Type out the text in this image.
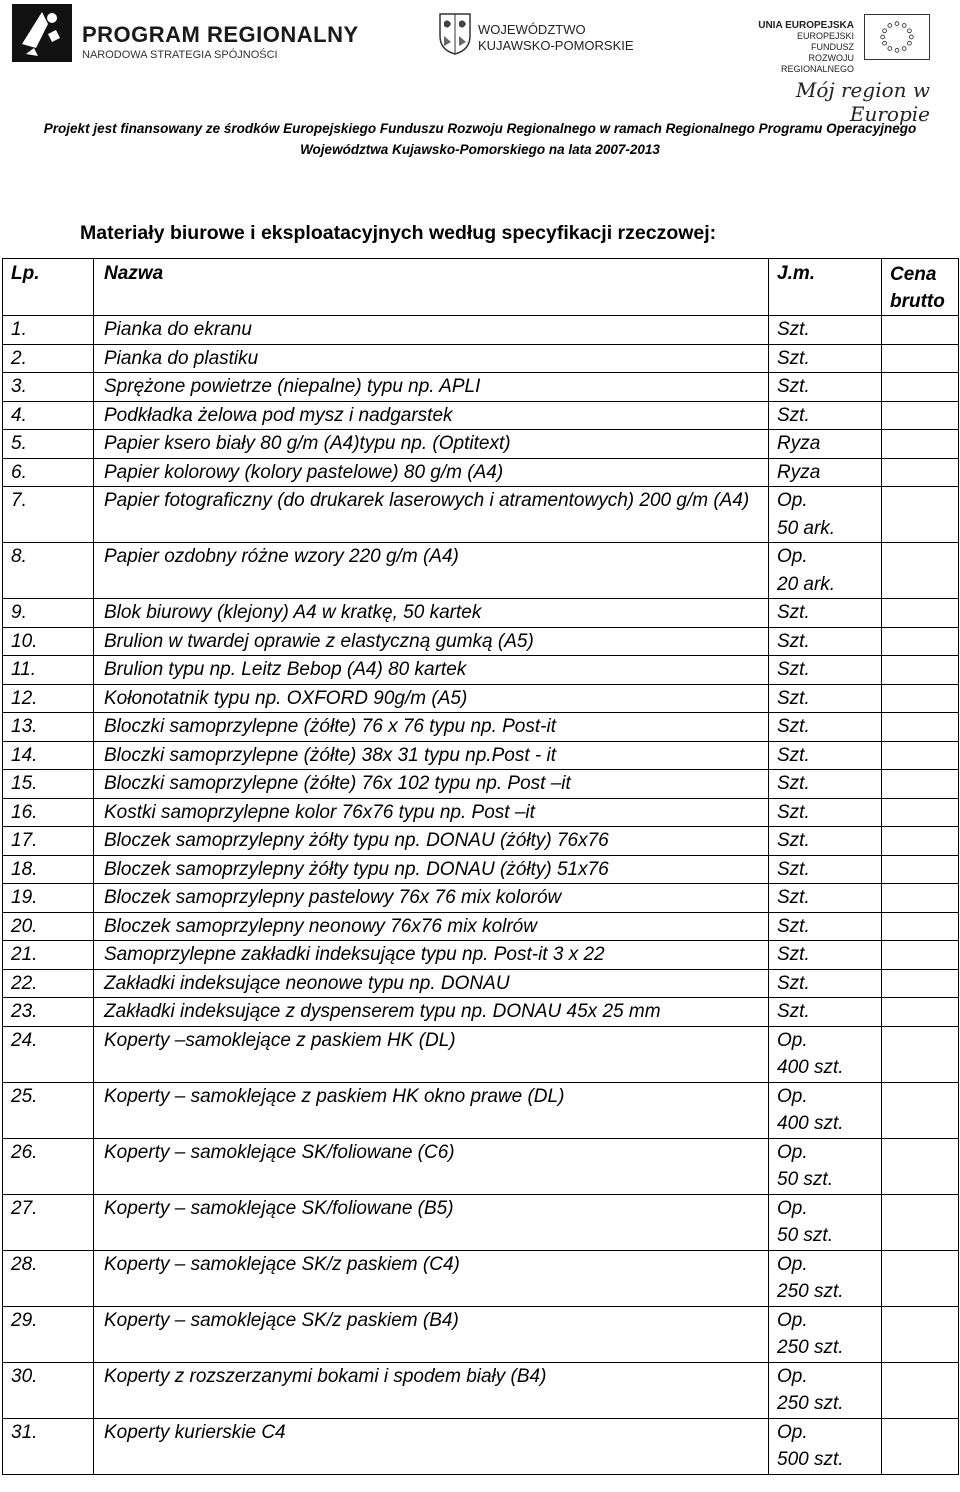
PROGRAM REGIONALNY
NARODOWA STRATEGIA SPÓJNOŚCI
WOJEWÓDZTWO
KUJAWSKO-POMORSKIE
UNIA EUROPEJSKA
EUROPEJSKI FUNDUSZ
ROZWOJU REGIONALNEGO
Mój region w Europie
Projekt jest finansowany ze środków Europejskiego Funduszu Rozwoju Regionalnego w ramach Regionalnego Programu Operacyjnego
Województwa Kujawsko-Pomorskiego na lata 2007-2013
Materiały biurowe i eksploatacyjnych według specyfikacji rzeczowej:
Lp.	Nazwa	J.m.	Cena brutto
1.	Pianka do ekranu	Szt.	
2.	Pianka do plastiku	Szt.	
3.	Sprężone powietrze (niepalne) typu np. APLI	Szt.	
4.	Podkładka żelowa pod mysz i nadgarstek	Szt.	
5.	Papier ksero biały 80 g/m (A4)typu np. (Optitext)	Ryza	
6.	Papier kolorowy (kolory pastelowe) 80 g/m (A4)	Ryza	
7.	Papier fotograficzny (do drukarek laserowych i atramentowych) 200 g/m (A4)	Op.
50 ark.	

8.	Papier ozdobny różne wzory 220 g/m (A4)	Op.
20 ark.	

9.	Blok biurowy (klejony) A4 w kratkę, 50 kartek	Szt.	
10.	Brulion w twardej oprawie z elastyczną gumką (A5)	Szt.	
11.	Brulion typu np. Leitz Bebop (A4) 80 kartek	Szt.	
12.	Kołonotatnik typu np. OXFORD 90g/m (A5)	Szt.	
13.	Bloczki samoprzylepne (żółte) 76 x 76 typu np. Post-it	Szt.	
14.	Bloczki samoprzylepne (żółte) 38x 31 typu np.Post - it	Szt.	
15.	Bloczki samoprzylepne (żółte) 76x 102 typu np. Post –it	Szt.	
16.	Kostki samoprzylepne kolor 76x76 typu np. Post –it	Szt.	
17.	Bloczek samoprzylepny żółty typu np. DONAU (żółty) 76x76	Szt.	
18.	Bloczek samoprzylepny żółty typu np. DONAU (żółty) 51x76	Szt.	
19.	Bloczek samoprzylepny pastelowy 76x 76 mix kolorów	Szt.	
20.	Bloczek samoprzylepny neonowy 76x76 mix kolrów	Szt.	
21.	Samoprzylepne zakładki indeksujące typu np. Post-it 3 x 22	Szt.	
22.	Zakładki indeksujące neonowe typu np. DONAU	Szt.	
23.	Zakładki indeksujące z dyspenserem typu np. DONAU 45x 25 mm	Szt.	
24.	Koperty –samoklejące z paskiem HK (DL)	Op.
400 szt.	

25.	Koperty – samoklejące z paskiem HK okno prawe (DL)	Op.
400 szt.	

26.	Koperty – samoklejące SK/foliowane (C6)	Op.
50 szt.	

27.	Koperty – samoklejące SK/foliowane (B5)	Op.
50 szt.	

28.	Koperty – samoklejące SK/z paskiem (C4)	Op.
250 szt.	

29.	Koperty – samoklejące SK/z paskiem (B4)	Op.
250 szt.	

30.	Koperty z rozszerzanymi bokami i spodem biały (B4)	Op.
250 szt.	

31.	Koperty kurierskie C4	Op.
500 szt.	
